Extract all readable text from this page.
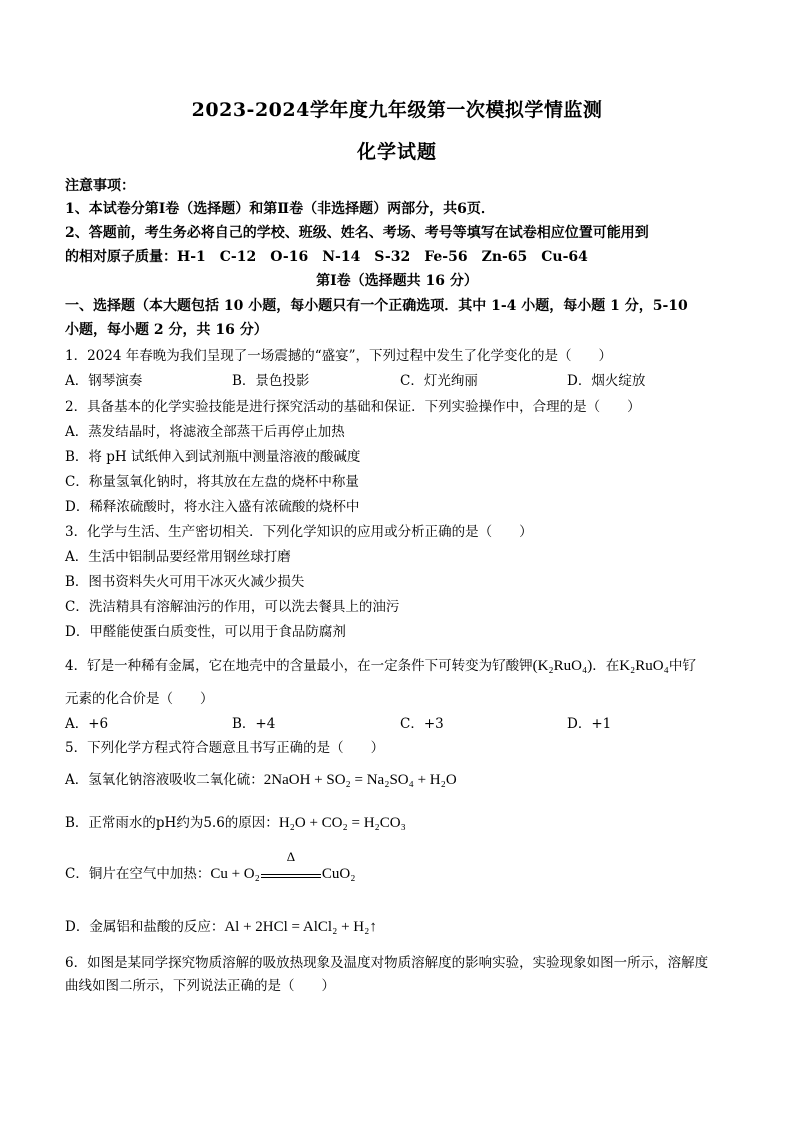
2023-2024学年度九年级第一次模拟学情监测
化学试题
注意事项：
1、本试卷分第Ⅰ卷（选择题）和第Ⅱ卷（非选择题）两部分，共6页．
2、答题前，考生务必将自己的学校、班级、姓名、考场、考号等填写在试卷相应位置可能用到
的相对原子质量：H-1　C-12　O-16　N-14　S-32　Fe-56　Zn-65　Cu-64
第Ⅰ卷（选择题共 16 分）
一、选择题（本大题包括 10 小题，每小题只有一个正确选项．其中 1-4 小题，每小题 1 分，5-10
小题，每小题 2 分，共 16 分）
1．2024 年春晚为我们呈现了一场震撼的“盛宴”，下列过程中发生了化学变化的是（　　）
A．钢琴演奏	B．景色投影	C．灯光绚丽	D．烟火绽放
2．具备基本的化学实验技能是进行探究活动的基础和保证．下列实验操作中，合理的是（　　）
A．蒸发结晶时，将滤液全部蒸干后再停止加热
B．将 pH 试纸伸入到试剂瓶中测量溶液的酸碱度
C．称量氢氧化钠时，将其放在左盘的烧杯中称量
D．稀释浓硫酸时，将水注入盛有浓硫酸的烧杯中
3．化学与生活、生产密切相关．下列化学知识的应用或分析正确的是（　　）
A．生活中铝制品要经常用钢丝球打磨
B．图书资料失火可用干冰灭火减少损失
C．洗洁精具有溶解油污的作用，可以洗去餐具上的油污
D．甲醛能使蛋白质变性，可以用于食品防腐剂
4．钌是一种稀有金属，它在地壳中的含量最小，在一定条件下可转变为钌酸钾(K₂RuO₄)．在K₂RuO₄中钌
元素的化合价是（　　）
A．+6	B．+4	C．+3	D．+1
5．下列化学方程式符合题意且书写正确的是（　　）
A．氢氧化钠溶液吸收二氧化硫：2NaOH + SO₂ = Na₂SO₄ + H₂O
B．正常雨水的pH约为5.6的原因：H₂O + CO₂ = H₂CO₃
C．铜片在空气中加热：Cu + O₂
Δ
CuO₂
D．金属铝和盐酸的反应：Al + 2HCl = AlCl₂ + H₂↑
6．如图是某同学探究物质溶解的吸放热现象及温度对物质溶解度的影响实验，实验现象如图一所示，溶解度
曲线如图二所示，下列说法正确的是（　　）
